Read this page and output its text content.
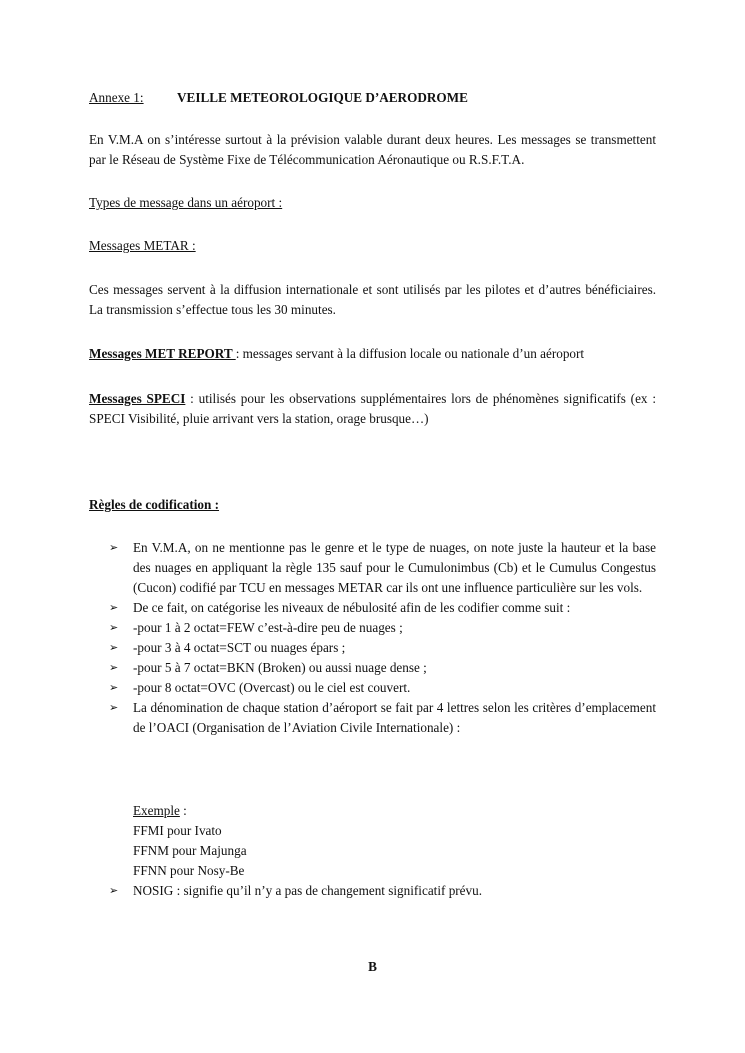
Annexe 1:	VEILLE METEOROLOGIQUE D’AERODROME

En V.M.A on s’intéresse surtout à la prévision valable durant deux heures. Les messages se transmettent par le Réseau de Système Fixe de Télécommunication Aéronautique ou R.S.F.T.A.

Types de message dans un aéroport :

Messages METAR :

Ces messages servent à la diffusion internationale et sont utilisés par les pilotes et d’autres bénéficiaires. La transmission s’effectue tous les 30 minutes.

Messages MET REPORT : messages servant à la diffusion locale ou nationale d’un aéroport

Messages SPECI : utilisés pour les observations supplémentaires lors de phénomènes significatifs (ex : SPECI Visibilité, pluie arrivant vers la station, orage brusque…)

Règles de codification :

➢ En V.M.A, on ne mentionne pas le genre et le type de nuages, on note juste la hauteur et la base des nuages en appliquant la règle 135 sauf pour le Cumulonimbus (Cb) et le Cumulus Congestus (Cucon) codifié par TCU en messages METAR car ils ont une influence particulière sur les vols.
➢ De ce fait, on catégorise les niveaux de nébulosité afin de les codifier comme suit :
➢ -pour 1 à 2 octat=FEW c’est-à-dire peu de nuages ;
➢ -pour 3 à 4 octat=SCT ou nuages épars ;
➢ -pour 5 à 7 octat=BKN (Broken) ou aussi nuage dense ;
➢ -pour 8 octat=OVC (Overcast) ou le ciel est couvert.
➢ La dénomination de chaque station d’aéroport se fait par 4 lettres selon les critères d’emplacement de l’OACI (Organisation de l’Aviation Civile Internationale) :
Exemple :
FFMI pour Ivato
FFNM pour Majunga
FFNN pour Nosy-Be
➢ NOSIG : signifie qu’il n’y a pas de changement significatif prévu.
B
